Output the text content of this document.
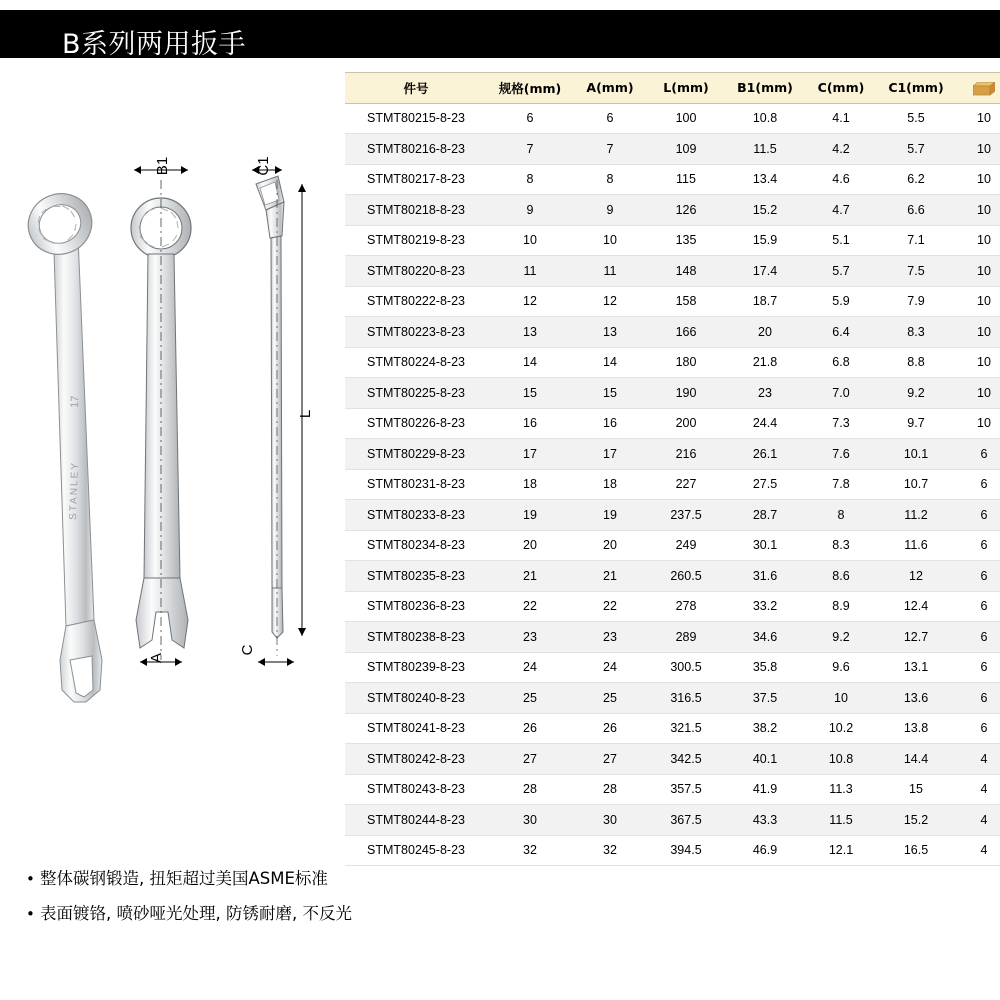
B系列两用扳手
STANLEY
17
B1
A
C1
L
C
件号	规格(mm)	A(mm)	L(mm)	B1(mm)	C(mm)	C1(mm)	
STMT80215-8-23	6	6	100	10.8	4.1	5.5	10
STMT80216-8-23	7	7	109	11.5	4.2	5.7	10
STMT80217-8-23	8	8	115	13.4	4.6	6.2	10
STMT80218-8-23	9	9	126	15.2	4.7	6.6	10
STMT80219-8-23	10	10	135	15.9	5.1	7.1	10
STMT80220-8-23	11	11	148	17.4	5.7	7.5	10
STMT80222-8-23	12	12	158	18.7	5.9	7.9	10
STMT80223-8-23	13	13	166	20	6.4	8.3	10
STMT80224-8-23	14	14	180	21.8	6.8	8.8	10
STMT80225-8-23	15	15	190	23	7.0	9.2	10
STMT80226-8-23	16	16	200	24.4	7.3	9.7	10
STMT80229-8-23	17	17	216	26.1	7.6	10.1	6
STMT80231-8-23	18	18	227	27.5	7.8	10.7	6
STMT80233-8-23	19	19	237.5	28.7	8	11.2	6
STMT80234-8-23	20	20	249	30.1	8.3	11.6	6
STMT80235-8-23	21	21	260.5	31.6	8.6	12	6
STMT80236-8-23	22	22	278	33.2	8.9	12.4	6
STMT80238-8-23	23	23	289	34.6	9.2	12.7	6
STMT80239-8-23	24	24	300.5	35.8	9.6	13.1	6
STMT80240-8-23	25	25	316.5	37.5	10	13.6	6
STMT80241-8-23	26	26	321.5	38.2	10.2	13.8	6
STMT80242-8-23	27	27	342.5	40.1	10.8	14.4	4
STMT80243-8-23	28	28	357.5	41.9	11.3	15	4
STMT80244-8-23	30	30	367.5	43.3	11.5	15.2	4
STMT80245-8-23	32	32	394.5	46.9	12.1	16.5	4
• 整体碳钢锻造, 扭矩超过美国ASME标准
• 表面镀铬, 喷砂哑光处理, 防锈耐磨, 不反光
